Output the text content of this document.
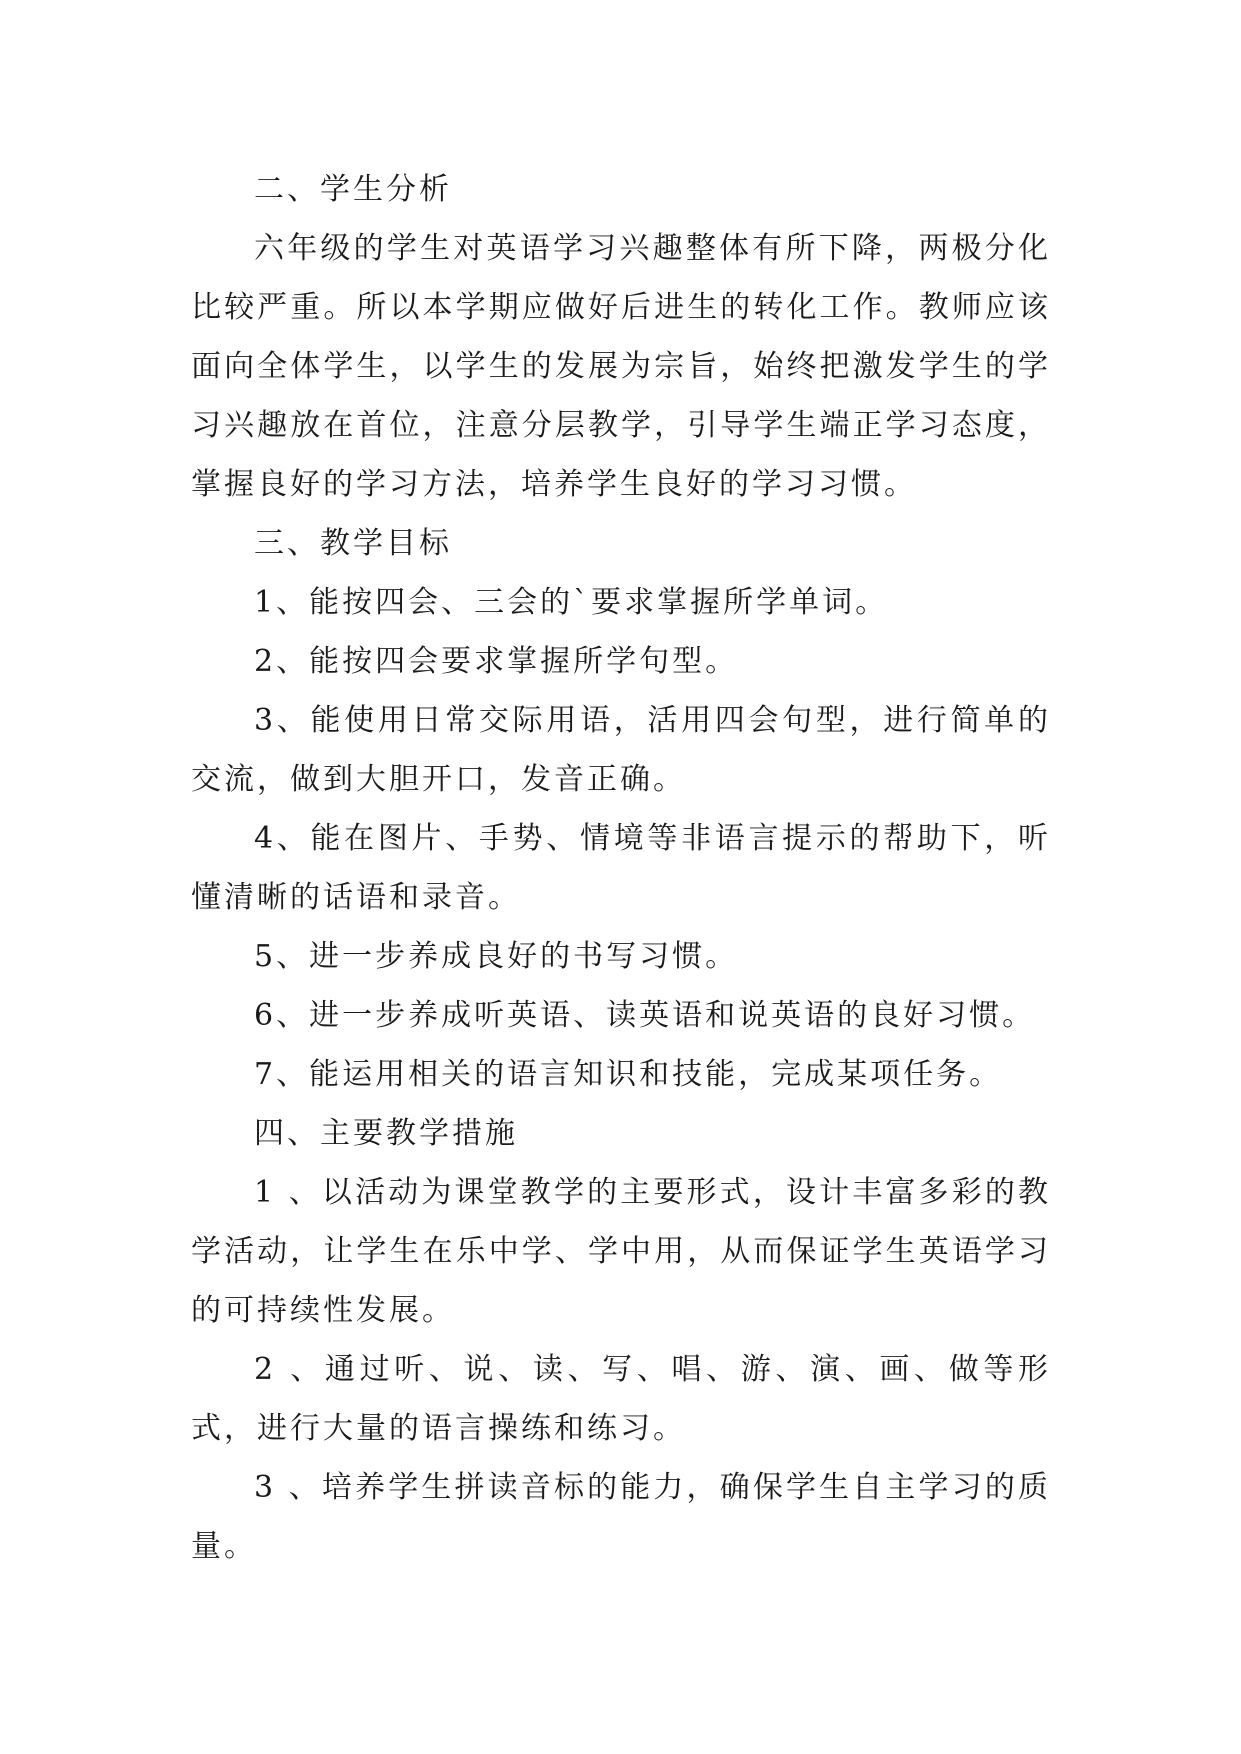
二、学生分析

六年级的学生对英语学习兴趣整体有所下降，两极分化比较严重。所以本学期应做好后进生的转化工作。教师应该面向全体学生，以学生的发展为宗旨，始终把激发学生的学习兴趣放在首位，注意分层教学，引导学生端正学习态度，掌握良好的学习方法，培养学生良好的学习习惯。

三、教学目标

1、能按四会、三会的`要求掌握所学单词。

2、能按四会要求掌握所学句型。

3、能使用日常交际用语，活用四会句型，进行简单的交流，做到大胆开口，发音正确。

4、能在图片、手势、情境等非语言提示的帮助下，听懂清晰的话语和录音。

5、进一步养成良好的书写习惯。

6、进一步养成听英语、读英语和说英语的良好习惯。

7、能运用相关的语言知识和技能，完成某项任务。

四、主要教学措施

1 、以活动为课堂教学的主要形式，设计丰富多彩的教学活动，让学生在乐中学、学中用，从而保证学生英语学习的可持续性发展。

2 、通过听、说、读、写、唱、游、演、画、做等形式，进行大量的语言操练和练习。

3 、培养学生拼读音标的能力，确保学生自主学习的质量。
